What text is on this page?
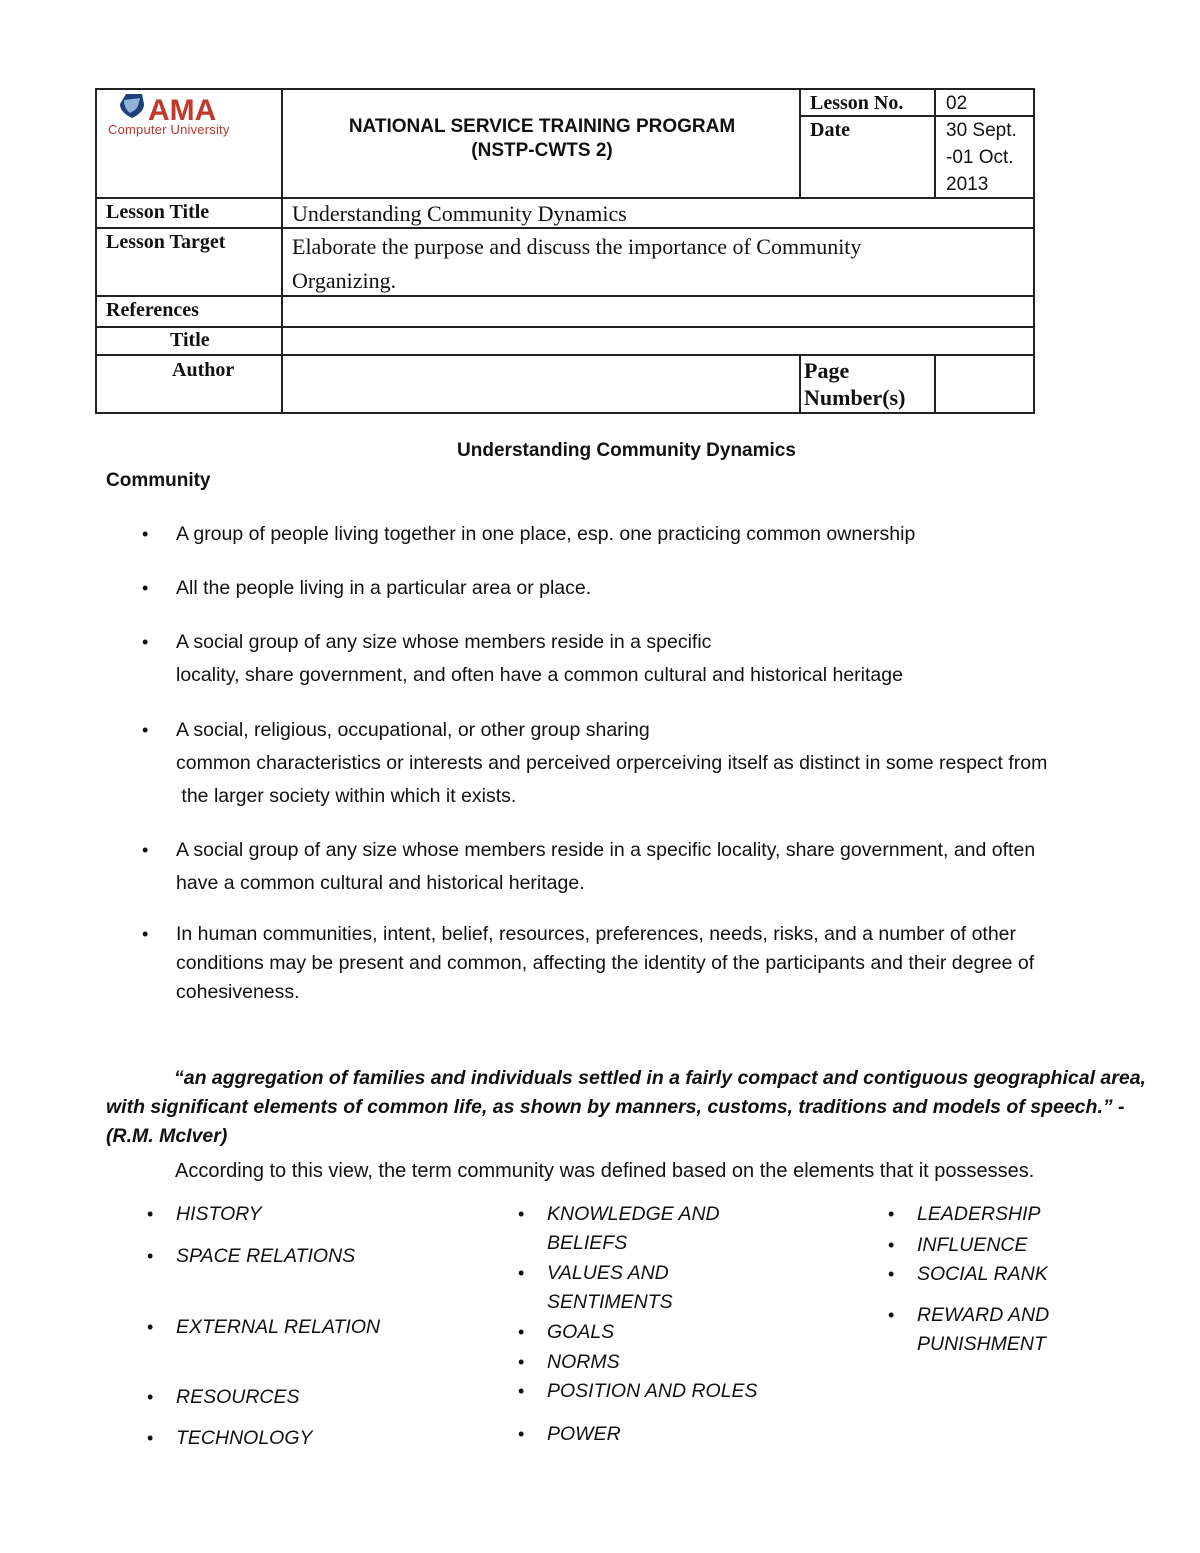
AMA
Computer University	NATIONAL SERVICE TRAINING PROGRAM
(NSTP-CWTS 2)
Lesson No. 02
Date	30 Sept.
-01 Oct.
2013
Lesson Title	Understanding Community Dynamics
Lesson Target	Elaborate the purpose and discuss the importance of Community
Organizing.
References
Title
Author	Page
Number(s)
Understanding Community Dynamics
Community
• A group of people living together in one place, esp. one practicing common ownership
• All the people living in a particular area or place.
• A social group of any size whose members reside in a specific
locality, share government, and often have a common cultural and historical heritage
• A social, religious, occupational, or other group sharing
common characteristics or interests and perceived orperceiving itself as distinct in some respect from
the larger society within which it exists.
• A social group of any size whose members reside in a specific locality, share government, and often
have a common cultural and historical heritage.
• In human communities, intent, belief, resources, preferences, needs, risks, and a number of other
conditions may be present and common, affecting the identity of the participants and their degree of
cohesiveness.
“an aggregation of families and individuals settled in a fairly compact and contiguous geographical area, with significant elements of common life, as shown by manners, customs, traditions and models of speech.” -(R.M. McIver)
According to this view, the term community was defined based on the elements that it possesses.
• HISTORY
• SPACE RELATIONS
• EXTERNAL RELATION
• RESOURCES
• TECHNOLOGY
• KNOWLEDGE AND
BELIEFS
• VALUES AND
SENTIMENTS
• GOALS
• NORMS
• POSITION AND ROLES
• POWER
• LEADERSHIP
• INFLUENCE
• SOCIAL RANK
• REWARD AND
PUNISHMENT
